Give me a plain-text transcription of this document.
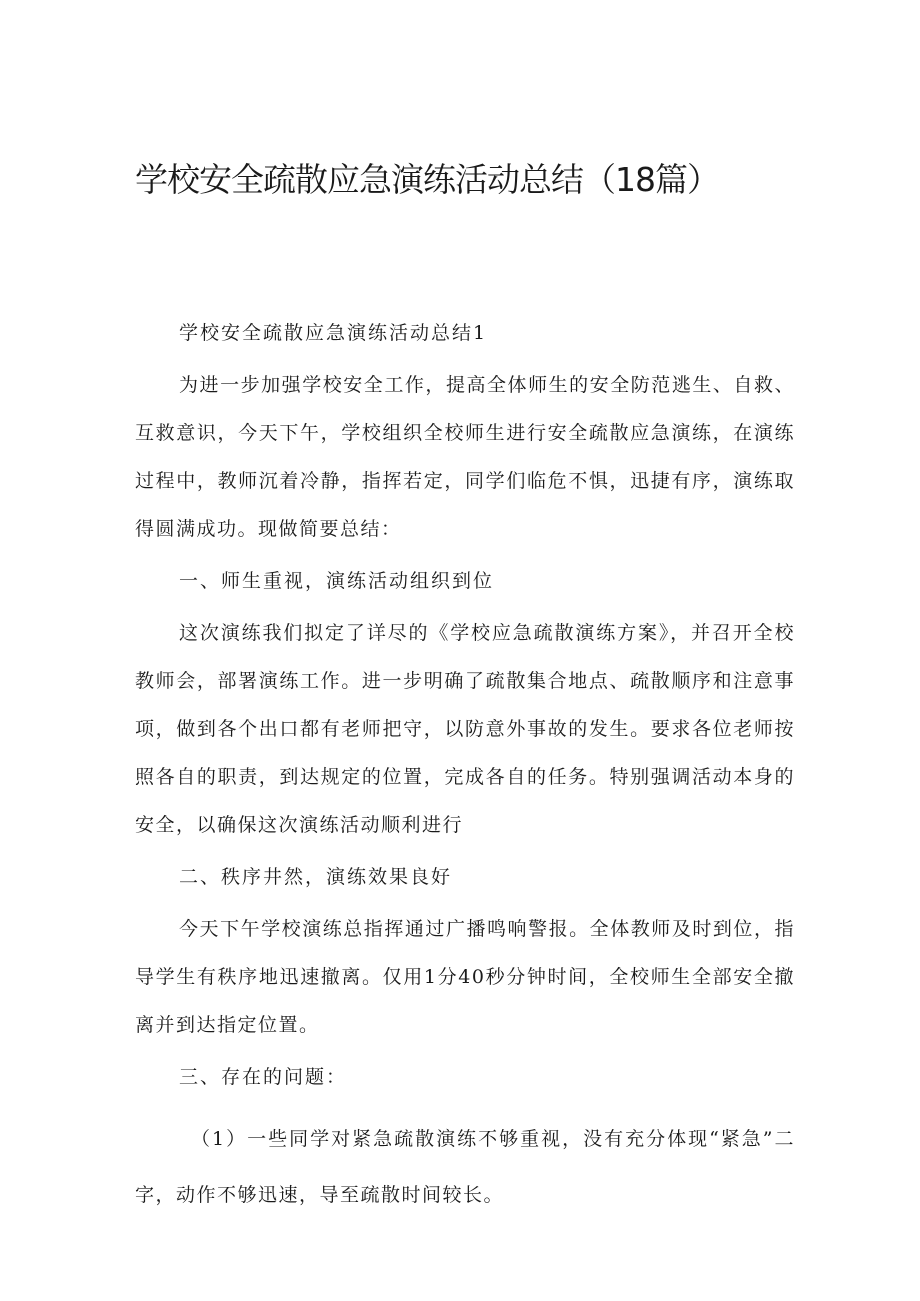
学校安全疏散应急演练活动总结（18篇）

学校安全疏散应急演练活动总结1

为进一步加强学校安全工作，提高全体师生的安全防范逃生、自救、互救意识，今天下午，学校组织全校师生进行安全疏散应急演练，在演练过程中，教师沉着冷静，指挥若定，同学们临危不惧，迅捷有序，演练取得圆满成功。现做简要总结：

一、师生重视，演练活动组织到位

这次演练我们拟定了详尽的《学校应急疏散演练方案》，并召开全校教师会，部署演练工作。进一步明确了疏散集合地点、疏散顺序和注意事项，做到各个出口都有老师把守，以防意外事故的发生。要求各位老师按照各自的职责，到达规定的位置，完成各自的任务。特别强调活动本身的安全，以确保这次演练活动顺利进行

二、秩序井然，演练效果良好

今天下午学校演练总指挥通过广播鸣响警报。全体教师及时到位，指导学生有秩序地迅速撤离。仅用1分40秒分钟时间，全校师生全部安全撤离并到达指定位置。

三、存在的问题：

（1）一些同学对紧急疏散演练不够重视，没有充分体现“紧急”二字，动作不够迅速，导至疏散时间较长。
